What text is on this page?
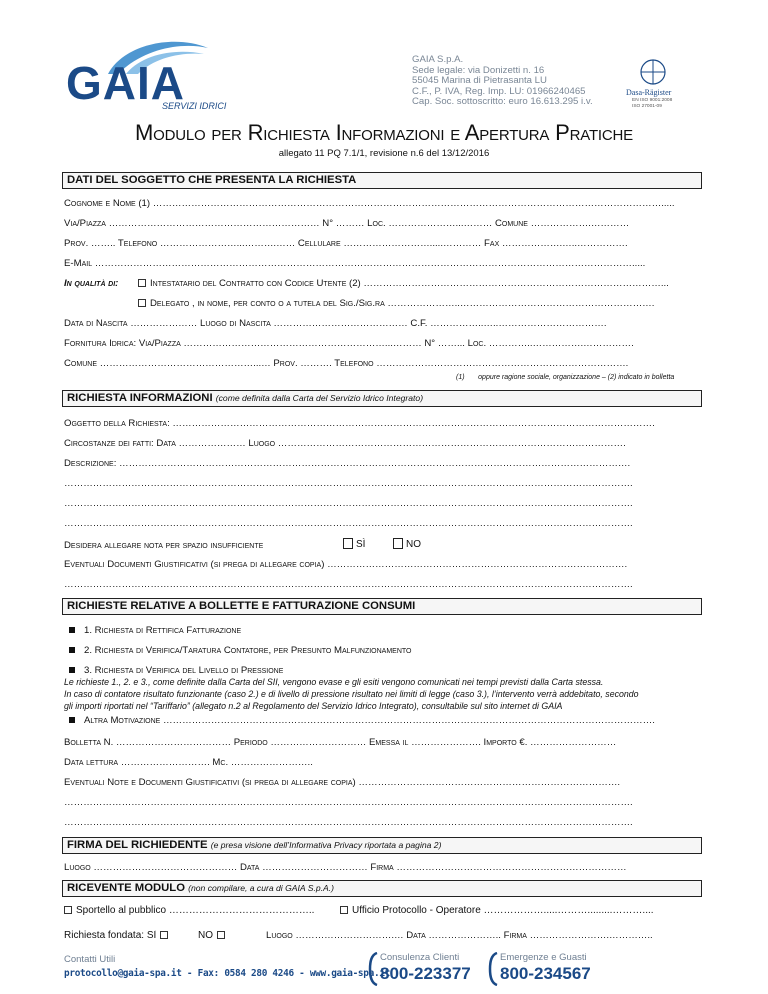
GAIA
SERVIZI IDRICI
GAIA S.p.A.
Sede legale: via Donizetti n. 16
55045 Marina di Pietrasanta LU
C.F., P. IVA, Reg. Imp. LU: 01966240465
Cap. Soc. sottoscritto: euro 16.613.295 i.v.
Dasa-Rägister
EN ISO 9001:2008
ISO 27001-09
Modulo per Richiesta Informazioni e Apertura Pratiche
allegato 11 PQ 7.1/1, revisione n.6 del 13/12/2016
DATI DEL SOGGETTO CHE PRESENTA LA RICHIESTA
Cognome e Nome (1) …………………………………………………………………………………………………………………………………………….....
Via/Piazza ………………………………………………………… N° ……… Loc. …………………...……… Comune ……………….…………
Prov. …….. Telefono ……………………...……….…… Cellulare ……………………….....………… Fax ……………….…..…………….
E-Mail …………………………………………………………………………………………………………………………………………………….....
In qualità di:	Intestatario del Contratto con Codice Utente (2) …………………………………………………………………………………...
Delegato , in nome, per conto o a tutela del Sig./Sig.ra …………………..…………………………………………………….
Data di Nascita ………………… Luogo di Nascita …………………………………… C.F. ……………..…..…………………………….
Fornitura Idrica: Via/Piazza ………………………………………………………...……… N° ……... Loc. …………..…………….…………….
Comune …………………………………………...… Prov. ………. Telefono …………………………………………………………………….
(1)       oppure ragione sociale, organizzazione – (2) indicato in bolletta
RICHIESTA INFORMAZIONI (come definita dalla Carta del Servizio Idrico Integrato)
Oggetto della Richiesta: …………………………………………………………………………………………………………………………………….
Circostanze dei fatti: Data ………………… Luogo ……………………………………………………………………………………………….
Descrizione: …………………………………………………………………………………………………………………………………………….
…………………………………………………………………………………………………………………………………………………………….
…………………………………………………………………………………………………………………………………………………………….
…………………………………………………………………………………………………………………………………………………………….
Desidera allegare nota per spazio insufficiente	SÌ	NO
Eventuali Documenti Giustificativi (si prega di allegare copia) ………………………………………………………………………………….
…………………………………………………………………………………………………………………………………………………………….
RICHIESTE RELATIVE A BOLLETTE E FATTURAZIONE CONSUMI
1. Richiesta di Rettifica Fatturazione
2. Richiesta di Verifica/Taratura Contatore, per Presunto Malfunzionamento
3. Richiesta di Verifica del Livello di Pressione
Le richieste 1., 2. e 3., come definite dalla Carta del SII, vengono evase e gli esiti vengono comunicati nei tempi previsti dalla Carta stessa.
In caso di contatore risultato funzionante (caso 2.) e di livello di pressione risultato nei limiti di legge (caso 3.), l’intervento verrà addebitato, secondo
gli importi riportati nel “Tariffario” (allegato n.2 al Regolamento del Servizio Idrico Integrato), consultabile sul sito internet di GAIA
Altra Motivazione ……………………………………………………………………………………………………………………………………….
Bolletta N. ……………………………… Periodo ………………………… Emessa il …………………. Importo €. ………………………
Data lettura ………………………. Mc. ……………………..
Eventuali Note e Documenti Giustificativi (si prega di allegare copia) ……………………………………………………………………….
…………………………………………………………………………………………………………………………………………………………….
…………………………………………………………………………………………………………………………………………………………….
FIRMA DEL RICHIEDENTE (e presa visione dell’Informativa Privacy riportata a pagina 2)
Luogo ……………………………………… Data …………………………… Firma ………………………………………………………………
RICEVENTE MODULO (non compilare, a cura di GAIA S.p.A.)
Sportello al pubblico ……………………………………..	Ufficio Protocollo - Operatore ……………….....……….........………....
Richiesta fondata: SÌ	NO	Luogo ………………………….… Data ………………….. Firma …………………….…………..
Contatti Utili
protocollo@gaia-spa.it - Fax: 0584 280 4246 - www.gaia-spa.it
Consulenza Clienti
800-223377
Emergenze e Guasti
800-234567
